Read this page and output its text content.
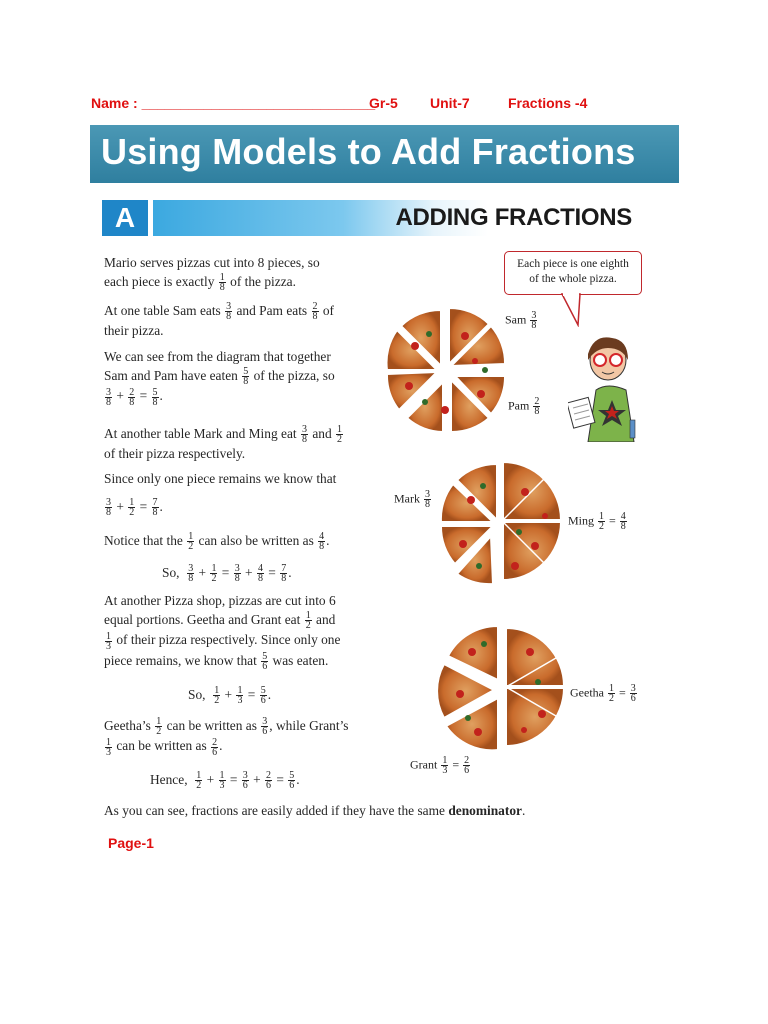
Name : ______________________________
Gr-5 Unit-7	Fractions -4
Using Models to Add Fractions
A	ADDING FRACTIONS
Mario serves pizzas cut into 8 pieces, so
each piece is exactly $\frac{1}{8}$ of the pizza.
At one table Sam eats $\frac{3}{8}$ and Pam eats $\frac{2}{8}$ of
their pizza.
We can see from the diagram that together
Sam and Pam have eaten $\frac{5}{8}$ of the pizza, so

$\frac{3}{8} + \frac{2}{8} = \frac{5}{8}$ .
At another table Mark and Ming eat $\frac{3}{8}$ and $\frac{1}{2}$

of their pizza respectively.
Since only one piece remains we know that
$\frac{3}{8} + \frac{1}{2} = \frac{7}{8}$ .
Notice that the $\frac{1}{2}$ can also be written as $\frac{4}{8}$ .
So, $\frac{3}{8} + \frac{1}{2} = \frac{3}{8} + \frac{4}{8} = \frac{7}{8}$ .
At another Pizza shop, pizzas are cut into 6
equal portions. Geetha and Grant eat $\frac{1}{2}$ and

$\frac{1}{3}$ of their pizza respectively. Since only one
piece remains, we know that $\frac{5}{6}$ was eaten.
So, $\frac{1}{2} + \frac{1}{3} = \frac{5}{6}$ .
Geetha’s $\frac{1}{2}$ can be written as $\frac{3}{6}$ , while Grant’s

$\frac{1}{3}$ can be written as $\frac{2}{6}$ .
Hence, $\frac{1}{2} + \frac{1}{3} = \frac{3}{6} + \frac{2}{6} = \frac{5}{6}$ .
As you can see, fractions are easily added if they have the same denominator.
Each piece is one eighth
of the whole pizza.
Sam $\frac{3}{8}$
Pam $\frac{2}{8}$
Mark $\frac{3}{8}$
Ming $\frac{1}{2} = \frac{4}{8}$
Geetha $\frac{1}{2} = \frac{3}{6}$
Grant $\frac{1}{3} = \frac{2}{6}$
Page-1
